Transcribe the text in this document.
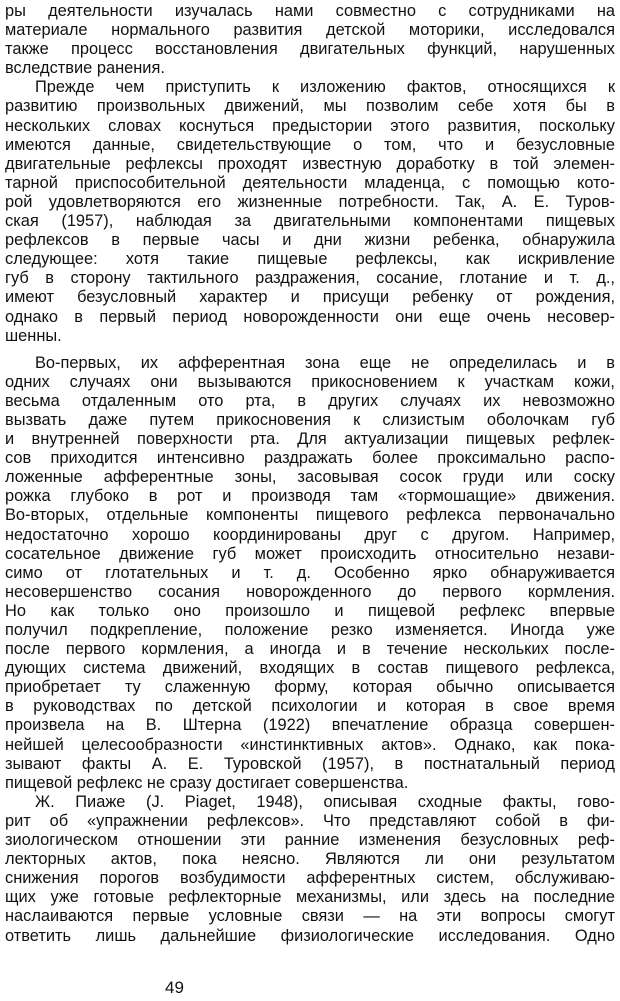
ры деятельности изучалась нами совместно с сотрудниками на
материале нормального развития детской моторики, исследовался
также процесс восстановления двигательных функций, нарушенных
вследствие ранения.
Прежде чем приступить к изложению фактов, относящихся к
развитию произвольных движений, мы позволим себе хотя бы в
нескольких словах коснуться предыстории этого развития, поскольку
имеются данные, свидетельствующие о том, что и безусловные
двигательные рефлексы проходят известную доработку в той элемен-
тарной приспособительной деятельности младенца, с помощью кото-
рой удовлетворяются его жизненные потребности. Так, А. Е. Туров-
ская (1957), наблюдая за двигательными компонентами пищевых
рефлексов в первые часы и дни жизни ребенка, обнаружила
следующее: хотя такие пищевые рефлексы, как искривление
губ в сторону тактильного раздражения, сосание, глотание и т. д.,
имеют безусловный характер и присущи ребенку от рождения,
однако в первый период новорожденности они еще очень несовер-
шенны.
Во-первых, их афферентная зона еще не определилась и в
одних случаях они вызываются прикосновением к участкам кожи,
весьма отдаленным ото рта, в других случаях их невозможно
вызвать даже путем прикосновения к слизистым оболочкам губ
и внутренней поверхности рта. Для актуализации пищевых рефлек-
сов приходится интенсивно раздражать более проксимально распо-
ложенные афферентные зоны, засовывая сосок груди или соску
рожка глубоко в рот и производя там «тормошащие» движения.
Во-вторых, отдельные компоненты пищевого рефлекса первоначально
недостаточно хорошо координированы друг с другом. Например,
сосательное движение губ может происходить относительно незави-
симо от глотательных и т. д. Особенно ярко обнаруживается
несовершенство сосания новорожденного до первого кормления.
Но как только оно произошло и пищевой рефлекс впервые
получил подкрепление, положение резко изменяется. Иногда уже
после первого кормления, а иногда и в течение нескольких после-
дующих система движений, входящих в состав пищевого рефлекса,
приобретает ту слаженную форму, которая обычно описывается
в руководствах по детской психологии и которая в свое время
произвела на В. Штерна (1922) впечатление образца совершен-
нейшей целесообразности «инстинктивных актов». Однако, как пока-
зывают факты А. Е. Туровской (1957), в постнатальный период
пищевой рефлекс не сразу достигает совершенства.
Ж. Пиаже (J. Piaget, 1948), описывая сходные факты, гово-
рит об «упражнении рефлексов». Что представляют собой в фи-
зиологическом отношении эти ранние изменения безусловных реф-
лекторных актов, пока неясно. Являются ли они результатом
снижения порогов возбудимости афферентных систем, обслуживаю-
щих уже готовые рефлекторные механизмы, или здесь на последние
наслаиваются первые условные связи — на эти вопросы смогут
ответить лишь дальнейшие физиологические исследования. Одно
49
